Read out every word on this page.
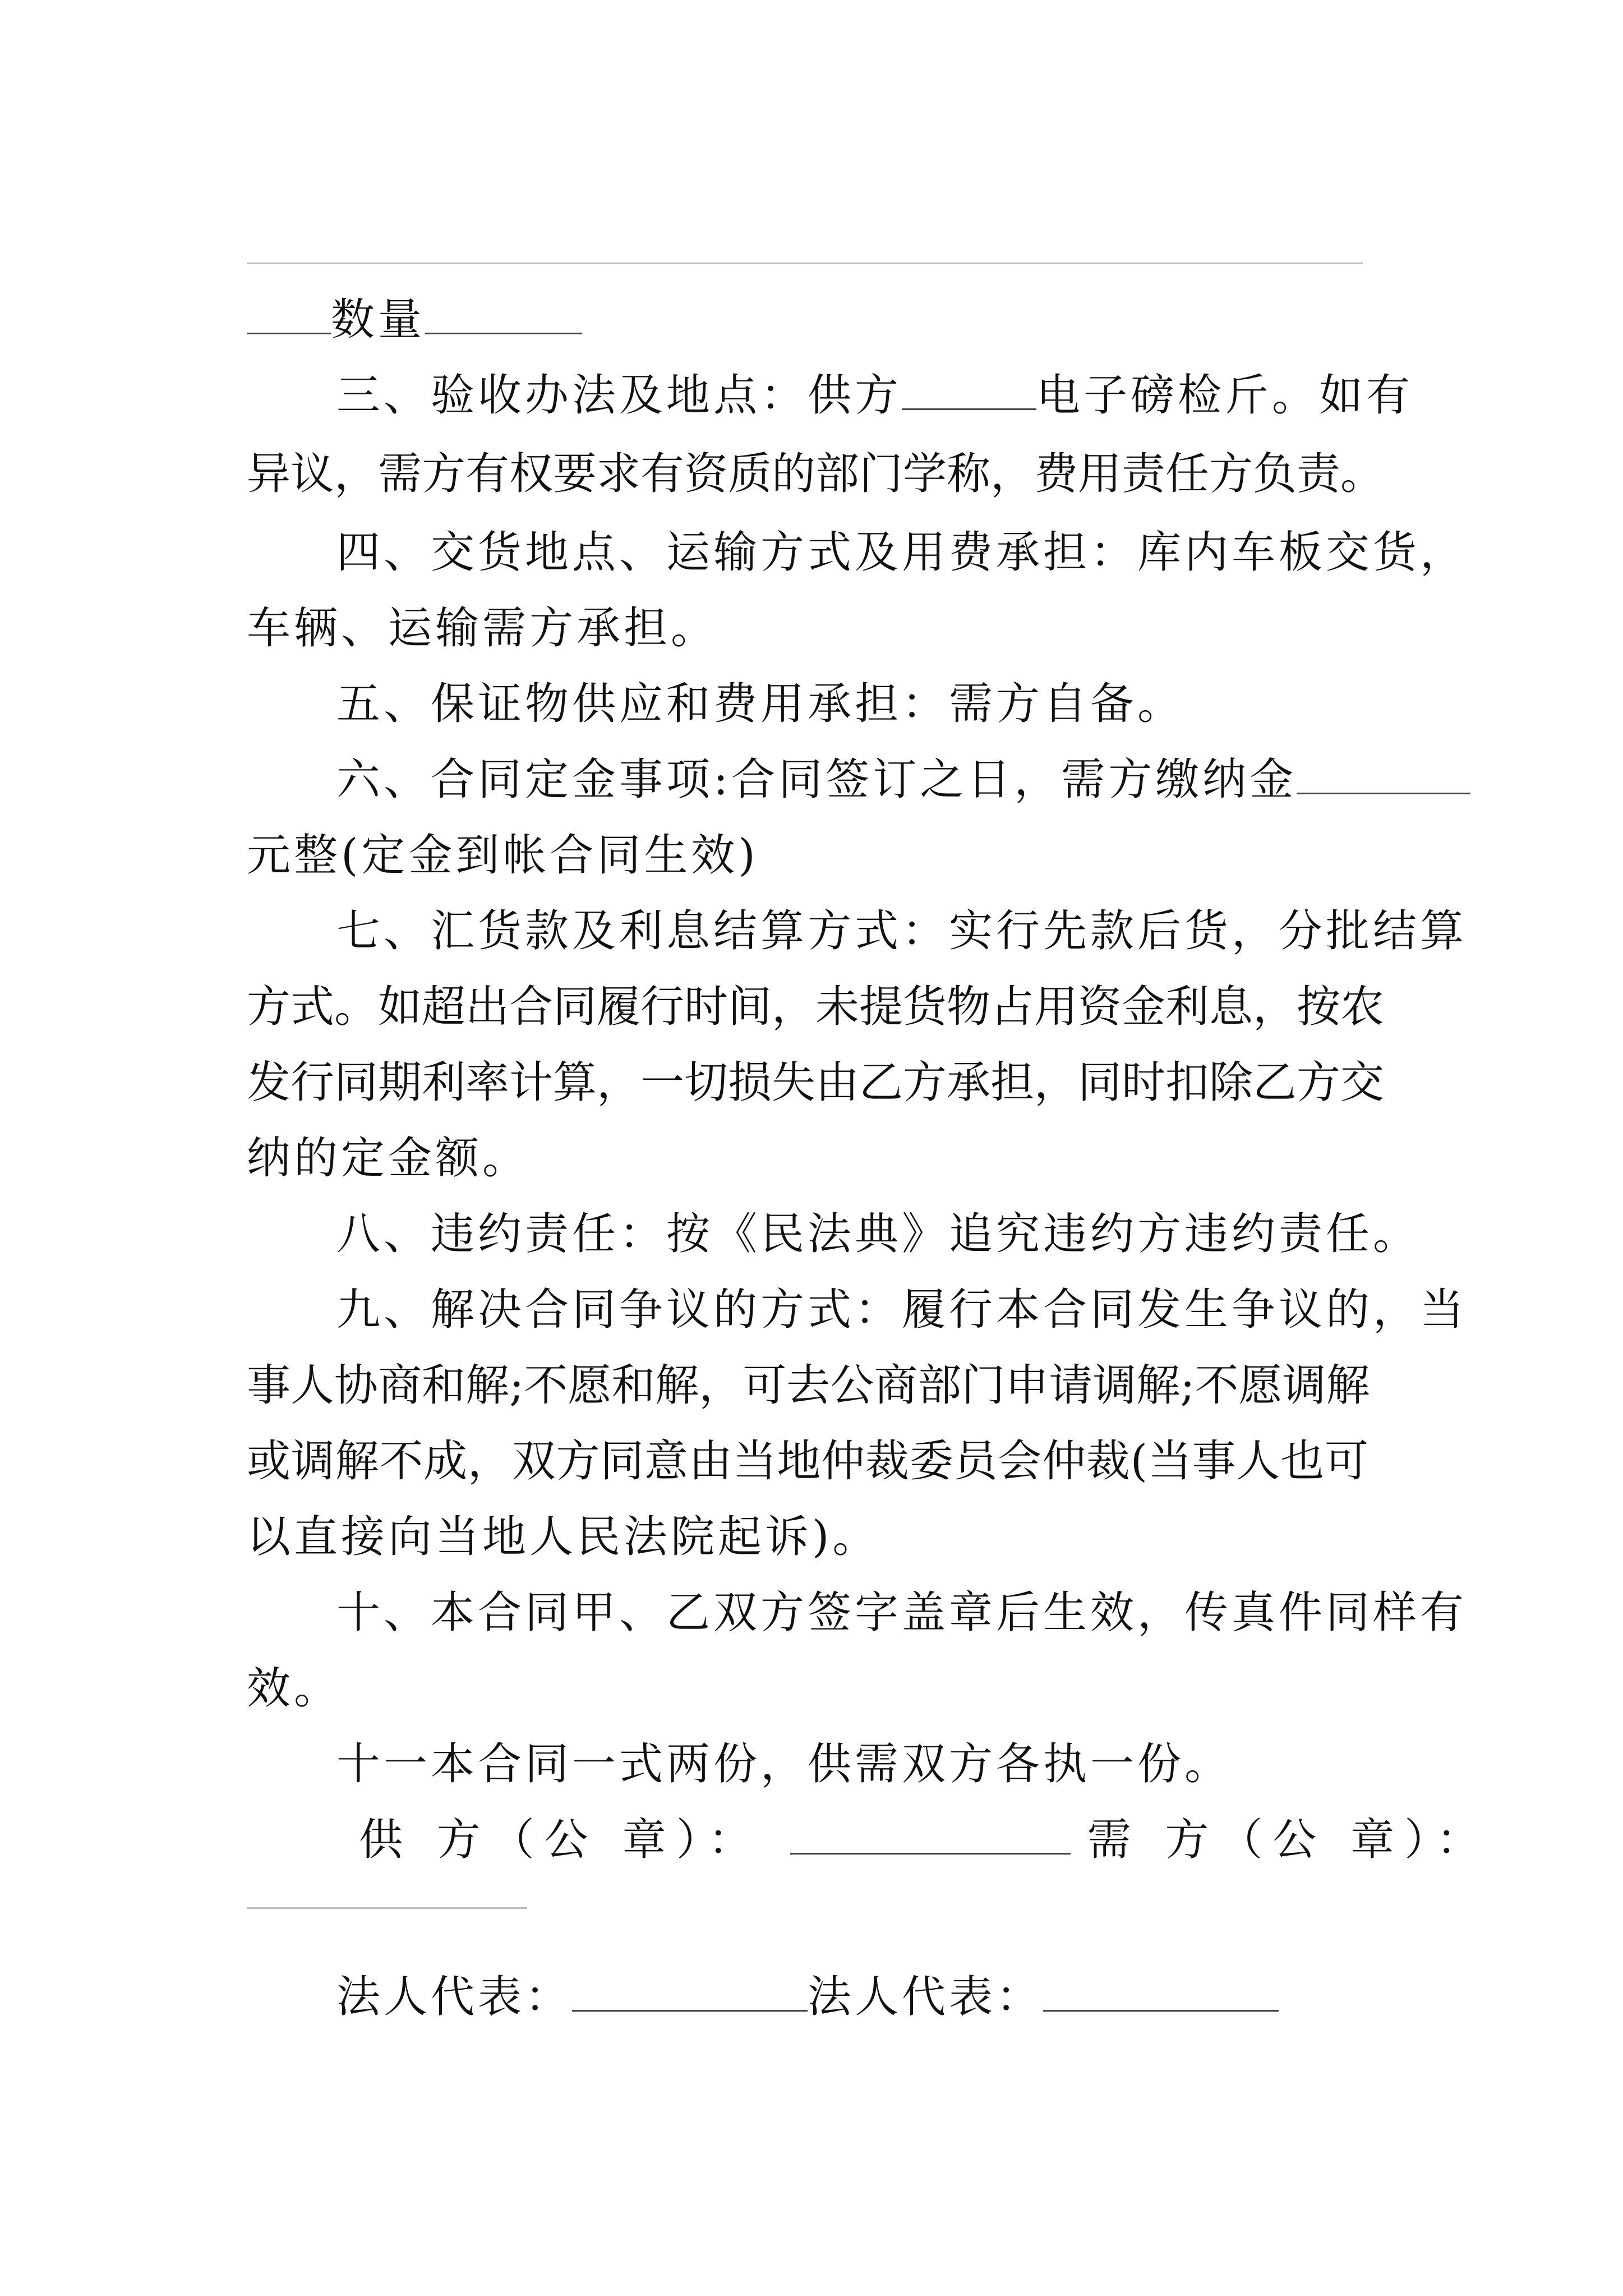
数量
三、验收办法及地点：供方	电子磅检斤。如有
异议，需方有权要求有资质的部门学称，费用责任方负责。
四、交货地点、运输方式及用费承担：库内车板交货，
车辆、运输需方承担。
五、保证物供应和费用承担：需方自备。
六、合同定金事项:合同签订之日，需方缴纳金
元整(定金到帐合同生效)
七、汇货款及利息结算方式：实行先款后货，分批结算
方式。如超出合同履行时间，未提货物占用资金利息，按农
发行同期利率计算，一切损失由乙方承担，同时扣除乙方交
纳的定金额。
八、违约责任：按《民法典》追究违约方违约责任。
九、解决合同争议的方式：履行本合同发生争议的，当
事人协商和解;不愿和解，可去公商部门申请调解;不愿调解
或调解不成，双方同意由当地仲裁委员会仲裁(当事人也可
以直接向当地人民法院起诉)。
十、本合同甲、乙双方签字盖章后生效，传真件同样有
效。
十一本合同一式两份，供需双方各执一份。
供 方（公 章）：	需 方（公 章）：
法人代表：	法人代表：
